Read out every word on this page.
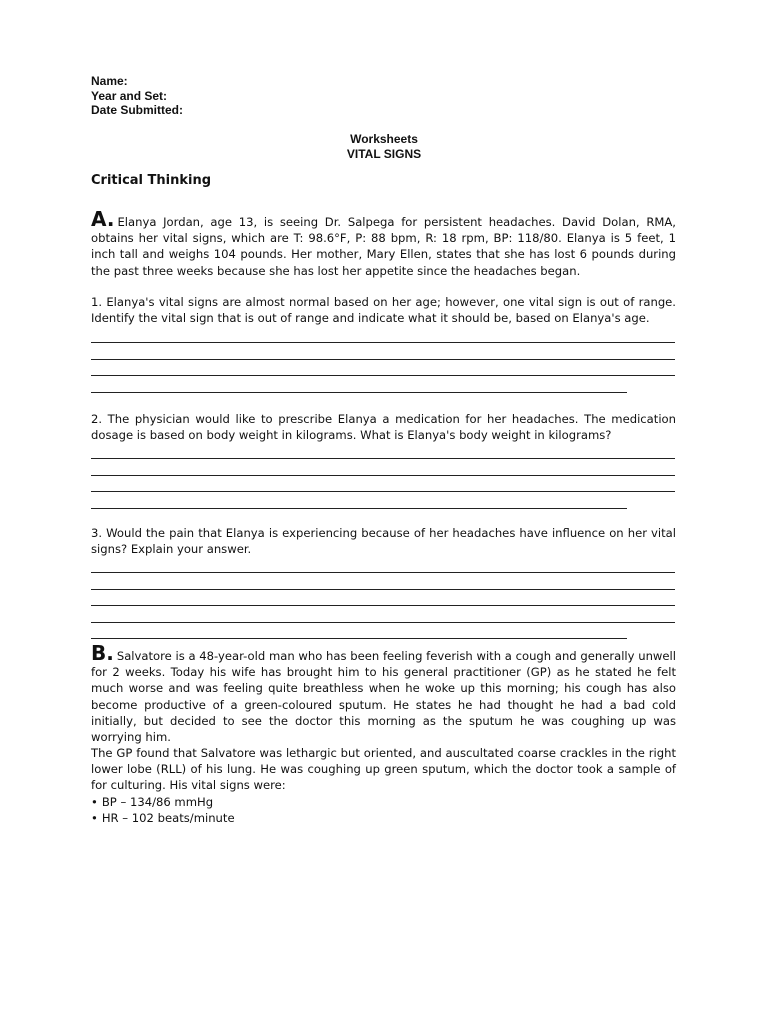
Name:
Year and Set:
Date Submitted:
Worksheets
VITAL SIGNS
Critical Thinking

A. Elanya Jordan, age 13, is seeing Dr. Salpega for persistent headaches. David Dolan, RMA, obtains her vital signs, which are T: 98.6°F, P: 88 bpm, R: 18 rpm, BP: 118/80. Elanya is 5 feet, 1 inch tall and weighs 104 pounds. Her mother, Mary Ellen, states that she has lost 6 pounds during the past three weeks because she has lost her appetite since the headaches began.

1. Elanya's vital signs are almost normal based on her age; however, one vital sign is out of range. Identify the vital sign that is out of range and indicate what it should be, based on Elanya's age.

2. The physician would like to prescribe Elanya a medication for her headaches. The medication dosage is based on body weight in kilograms. What is Elanya's body weight in kilograms?

3. Would the pain that Elanya is experiencing because of her headaches have influence on her vital signs? Explain your answer.

B. Salvatore is a 48-year-old man who has been feeling feverish with a cough and generally unwell for 2 weeks. Today his wife has brought him to his general practitioner (GP) as he stated he felt much worse and was feeling quite breathless when he woke up this morning; his cough has also become productive of a green-coloured sputum. He states he had thought he had a bad cold initially, but decided to see the doctor this morning as the sputum he was coughing up was worrying him.

The GP found that Salvatore was lethargic but oriented, and auscultated coarse crackles in the right lower lobe (RLL) of his lung. He was coughing up green sputum, which the doctor took a sample of for culturing. His vital signs were:

• BP – 134/86 mmHg
• HR – 102 beats/minute
